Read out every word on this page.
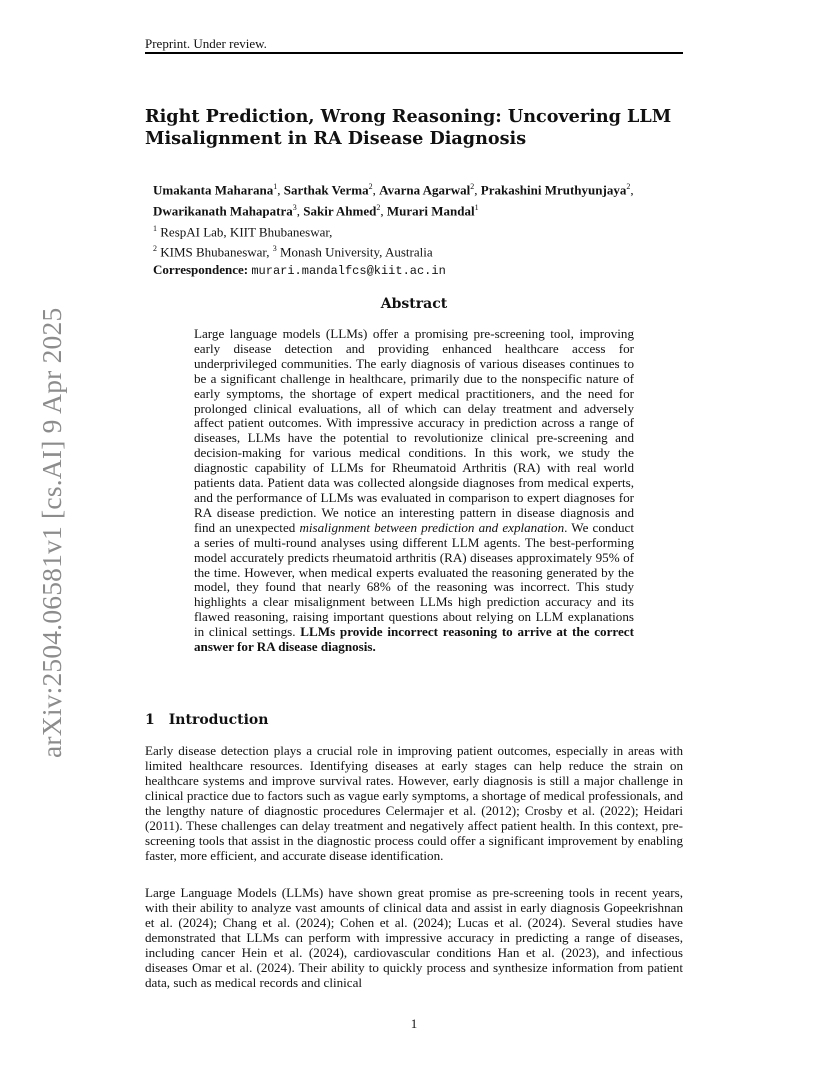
Preprint. Under review.
arXiv:2504.06581v1 [cs.AI] 9 Apr 2025
Right Prediction, Wrong Reasoning: Uncovering LLM Misalignment in RA Disease Diagnosis
Umakanta Maharana$^1$, Sarthak Verma$^2$, Avarna Agarwal$^2$, Prakashini Mruthyunjaya$^2$,
Dwarikanath Mahapatra$^3$, Sakir Ahmed$^2$, Murari Mandal$^1$
$^1$ RespAI Lab, KIIT Bhubaneswar,
$^2$ KIMS Bhubaneswar, $^3$ Monash University, Australia
Correspondence: murari.mandalfcs@kiit.ac.in
Abstract
Large language models (LLMs) offer a promising pre-screening tool, improving early disease detection and providing enhanced healthcare access for underprivileged communities. The early diagnosis of various diseases continues to be a significant challenge in healthcare, primarily due to the nonspecific nature of early symptoms, the shortage of expert medical practitioners, and the need for prolonged clinical evaluations, all of which can delay treatment and adversely affect patient outcomes. With impressive accuracy in prediction across a range of diseases, LLMs have the potential to revolutionize clinical pre-screening and decision-making for various medical conditions. In this work, we study the diagnostic capability of LLMs for Rheumatoid Arthritis (RA) with real world patients data. Patient data was collected alongside diagnoses from medical experts, and the performance of LLMs was evaluated in comparison to expert diagnoses for RA disease prediction. We notice an interesting pattern in disease diagnosis and find an unexpected misalignment between prediction and explanation. We conduct a series of multi-round analyses using different LLM agents. The best-performing model accurately predicts rheumatoid arthritis (RA) diseases approximately 95% of the time. However, when medical experts evaluated the reasoning generated by the model, they found that nearly 68% of the reasoning was incorrect. This study highlights a clear misalignment between LLMs high prediction accuracy and its flawed reasoning, raising important questions about relying on LLM explanations in clinical settings. LLMs provide incorrect reasoning to arrive at the correct answer for RA disease diagnosis.
1 Introduction
Early disease detection plays a crucial role in improving patient outcomes, especially in areas with limited healthcare resources. Identifying diseases at early stages can help reduce the strain on healthcare systems and improve survival rates. However, early diagnosis is still a major challenge in clinical practice due to factors such as vague early symptoms, a shortage of medical professionals, and the lengthy nature of diagnostic procedures Celermajer et al. (2012); Crosby et al. (2022); Heidari (2011). These challenges can delay treatment and negatively affect patient health. In this context, pre-screening tools that assist in the diagnostic process could offer a significant improvement by enabling faster, more efficient, and accurate disease identification.
Large Language Models (LLMs) have shown great promise as pre-screening tools in recent years, with their ability to analyze vast amounts of clinical data and assist in early diagnosis Gopeekrishnan et al. (2024); Chang et al. (2024); Cohen et al. (2024); Lucas et al. (2024). Several studies have demonstrated that LLMs can perform with impressive accuracy in predicting a range of diseases, including cancer Hein et al. (2024), cardiovascular conditions Han et al. (2023), and infectious diseases Omar et al. (2024). Their ability to quickly process and synthesize information from patient data, such as medical records and clinical
1
